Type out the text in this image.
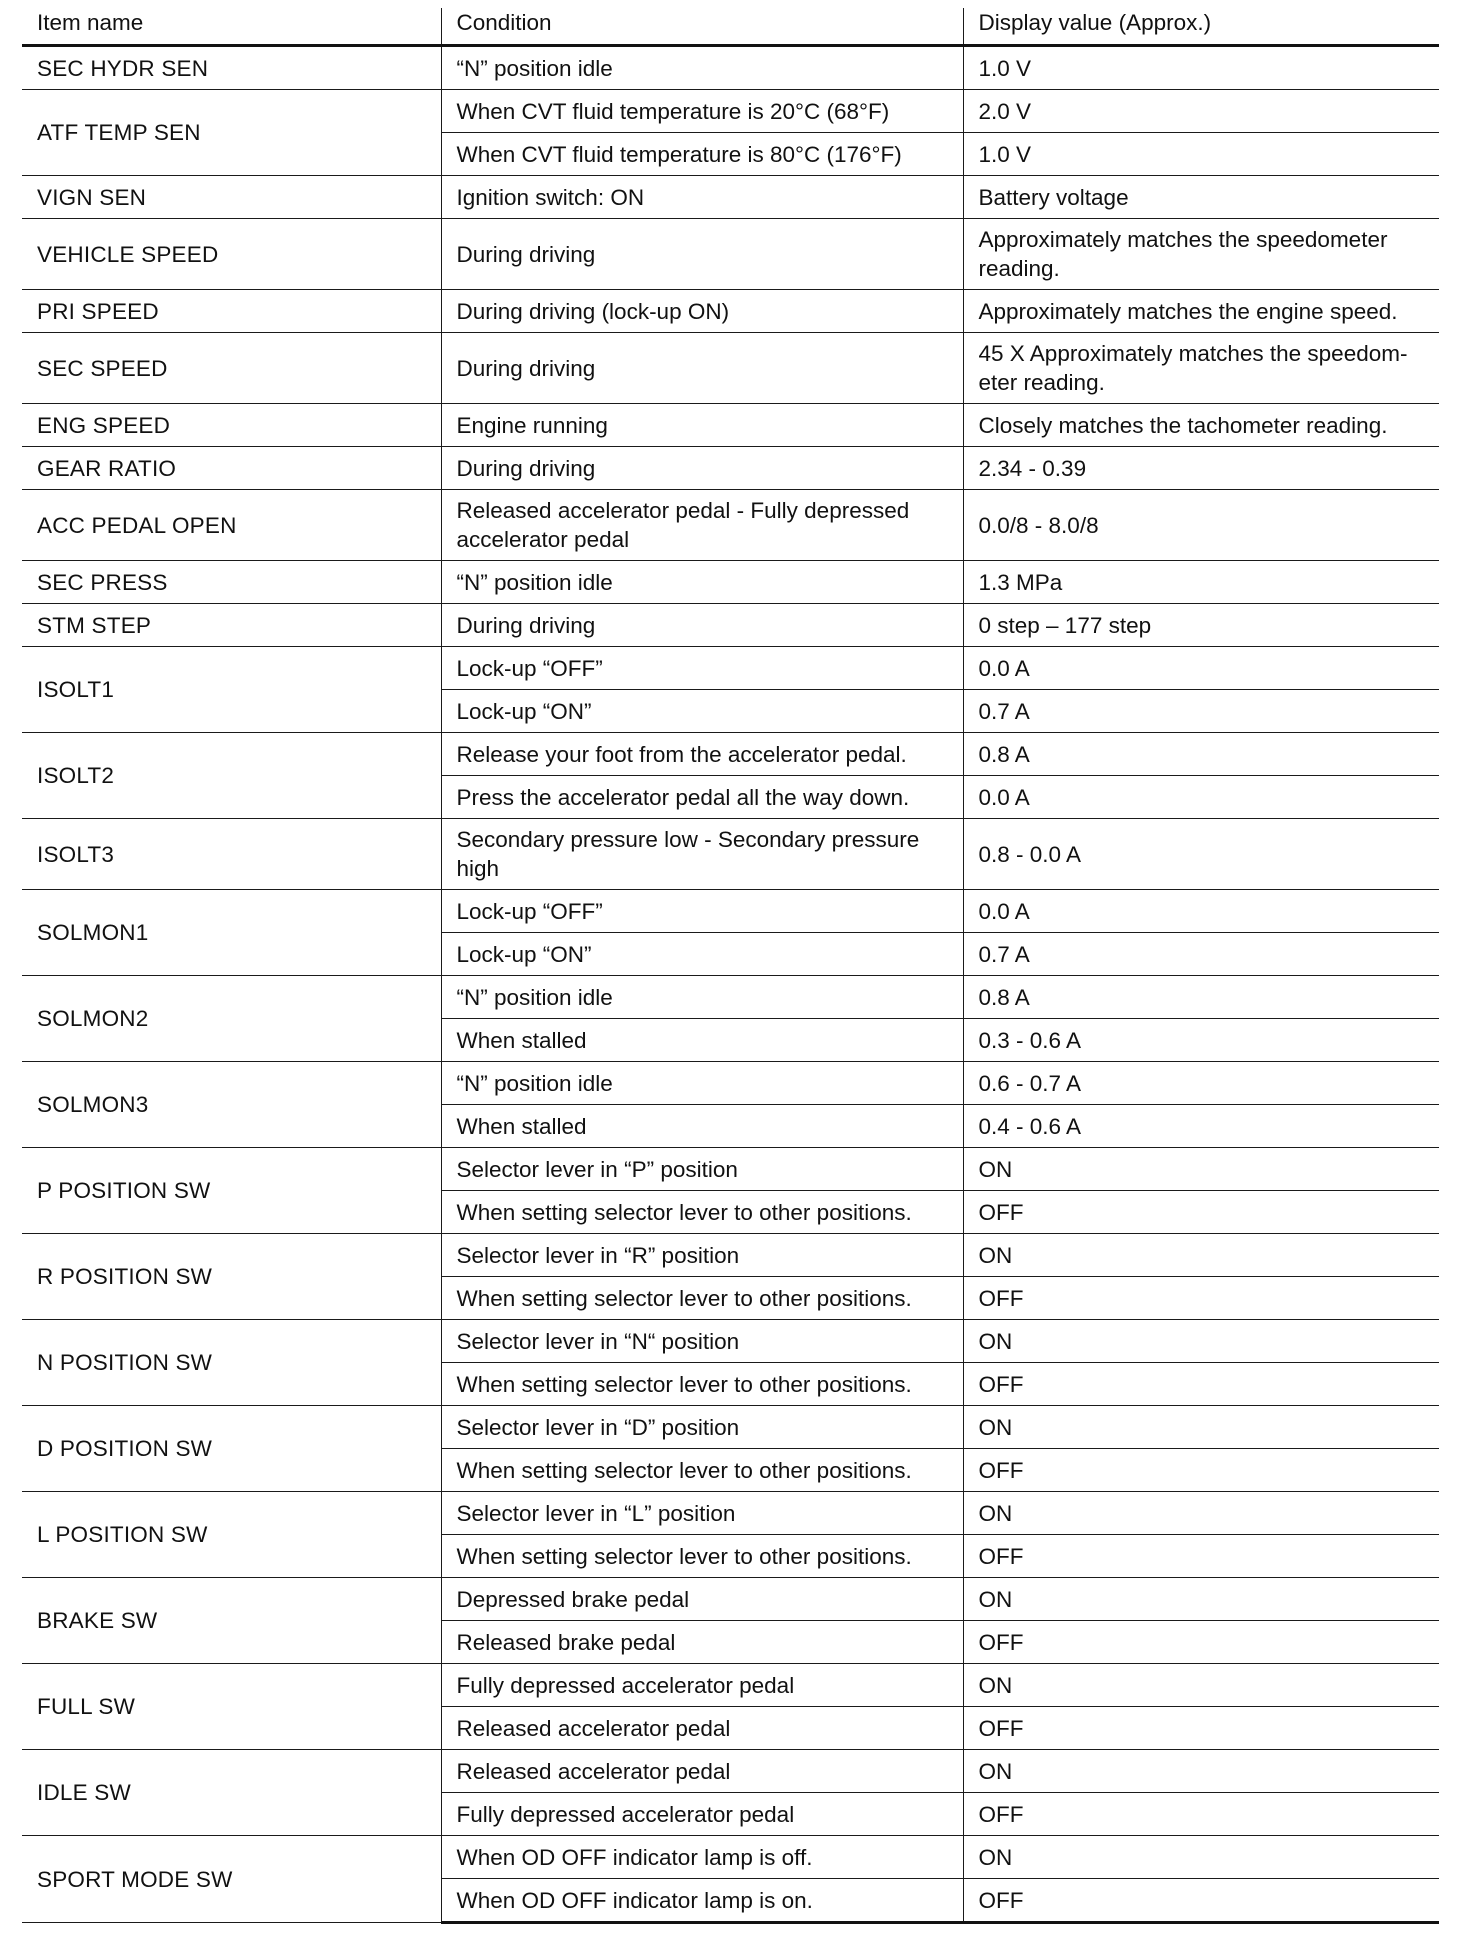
Item name	Condition	Display value (Approx.)
SEC HYDR SEN	“N” position idle	1.0 V
ATF TEMP SEN	When CVT fluid temperature is 20°C (68°F)	2.0 V
	When CVT fluid temperature is 80°C (176°F)	1.0 V
VIGN SEN	Ignition switch: ON	Battery voltage
VEHICLE SPEED	During driving	Approximately matches the speedometer reading.
PRI SPEED	During driving (lock-up ON)	Approximately matches the engine speed.
SEC SPEED	During driving	45 X Approximately matches the speedom-eter reading.
ENG SPEED	Engine running	Closely matches the tachometer reading.
GEAR RATIO	During driving	2.34 - 0.39
ACC PEDAL OPEN	Released accelerator pedal - Fully depressed accelerator pedal	0.0/8 - 8.0/8
SEC PRESS	“N” position idle	1.3 MPa
STM STEP	During driving	0 step – 177 step
ISOLT1	Lock-up “OFF”	0.0 A
	Lock-up “ON”	0.7 A
ISOLT2	Release your foot from the accelerator pedal.	0.8 A
	Press the accelerator pedal all the way down.	0.0 A
ISOLT3	Secondary pressure low - Secondary pressure high	0.8 - 0.0 A
SOLMON1	Lock-up “OFF”	0.0 A
	Lock-up “ON”	0.7 A
SOLMON2	“N” position idle	0.8 A
	When stalled	0.3 - 0.6 A
SOLMON3	“N” position idle	0.6 - 0.7 A
	When stalled	0.4 - 0.6 A
P POSITION SW	Selector lever in “P” position	ON
	When setting selector lever to other positions.	OFF
R POSITION SW	Selector lever in “R” position	ON
	When setting selector lever to other positions.	OFF
N POSITION SW	Selector lever in “N“ position	ON
	When setting selector lever to other positions.	OFF
D POSITION SW	Selector lever in “D” position	ON
	When setting selector lever to other positions.	OFF
L POSITION SW	Selector lever in “L” position	ON
	When setting selector lever to other positions.	OFF
BRAKE SW	Depressed brake pedal	ON
	Released brake pedal	OFF
FULL SW	Fully depressed accelerator pedal	ON
	Released accelerator pedal	OFF
IDLE SW	Released accelerator pedal	ON
	Fully depressed accelerator pedal	OFF
SPORT MODE SW	When OD OFF indicator lamp is off.	ON
	When OD OFF indicator lamp is on.	OFF
